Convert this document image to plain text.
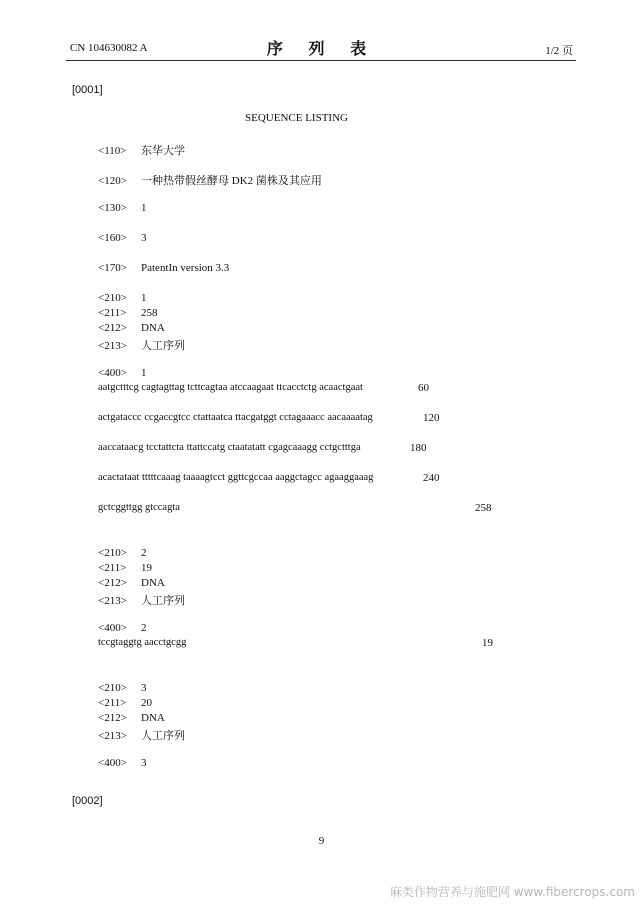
CN 104630082 A	序 列 表	1/2 页
[0001]
SEQUENCE LISTING
<110> 东华大学
<120> 一种热带假丝酵母 DK2 菌株及其应用
<130> 1
<160> 3
<170> PatentIn version 3.3
<210> 1
<211> 258
<212> DNA
<213> 人工序列
<400> 1
aatgctttcg cagtagttag tcttcagtaa atccaagaat ttcacctctg acaactgaat	60
actgataccc ccgaccgtcc ctattaatca ttacgatggt cctagaaacc aacaaaatag	120
aaccataacg tcctattcta ttattccatg ctaatatatt cgagcaaagg cctgctttga	180
acactataat tttttcaaag taaaagtcct ggttcgccaa aaggctagcc agaaggaaag	240
gctcggttgg gtccagta	258
<210> 2
<211> 19
<212> DNA
<213> 人工序列
<400> 2
tccgtaggtg aacctgcgg	19
<210> 3
<211> 20
<212> DNA
<213> 人工序列
<400> 3
[0002]
9
麻类作物营养与施肥网 www.fibercrops.com
